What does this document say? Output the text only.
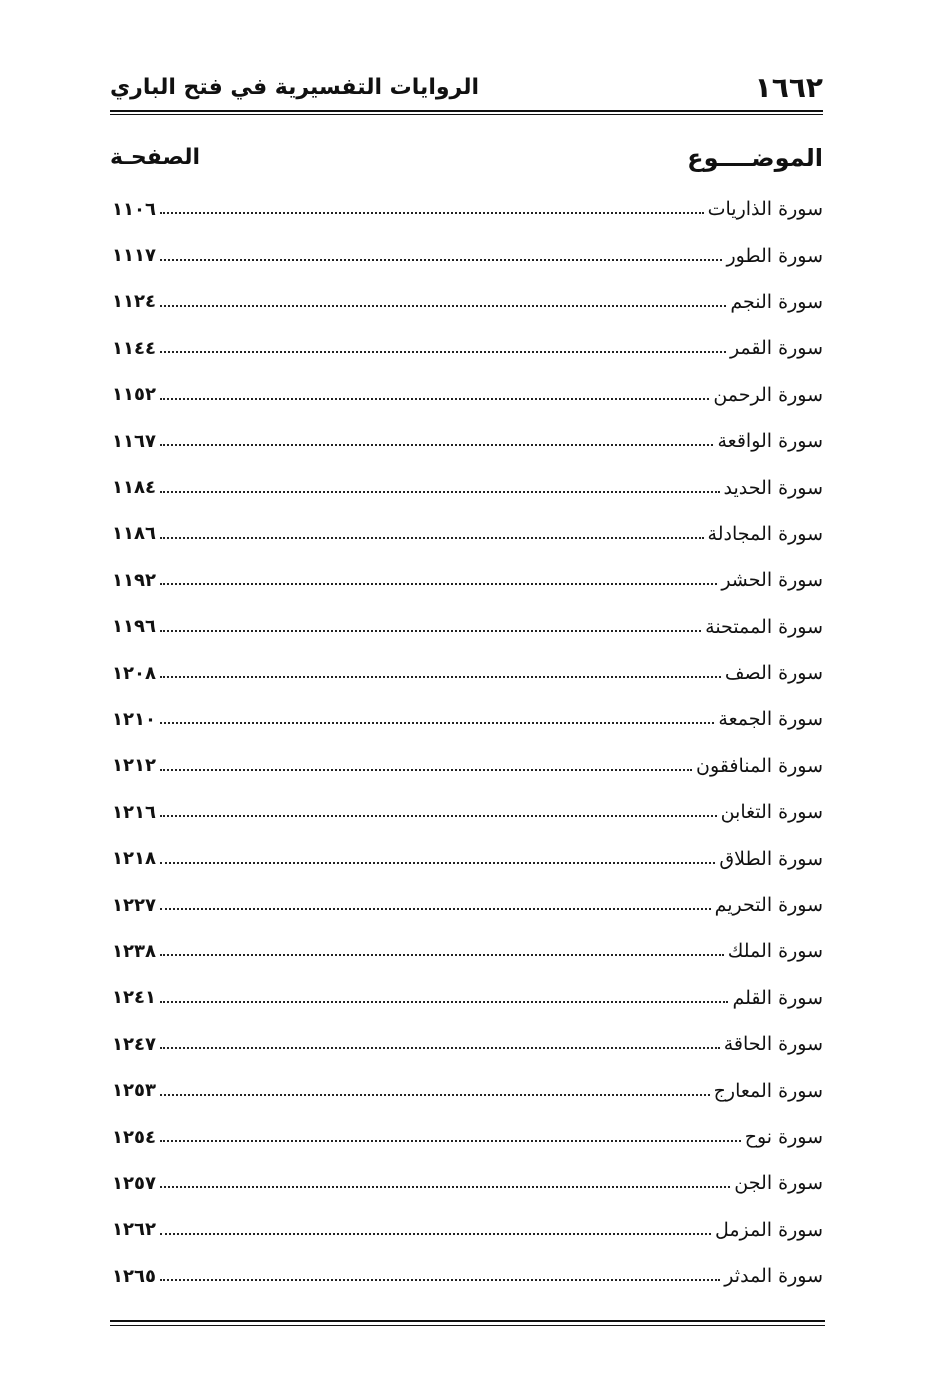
١٦٦٢
الروايات التفسيرية في فتح الباري
الموضــــوع
الصفحـة
سورة الذاريات
١١٠٦
سورة الطور
١١١٧
سورة النجم
١١٢٤
سورة القمر
١١٤٤
سورة الرحمن
١١٥٢
سورة الواقعة
١١٦٧
سورة الحديد
١١٨٤
سورة المجادلة
١١٨٦
سورة الحشر
١١٩٢
سورة الممتحنة
١١٩٦
سورة الصف
١٢٠٨
سورة الجمعة
١٢١٠
سورة المنافقون
١٢١٢
سورة التغابن
١٢١٦
سورة الطلاق
١٢١٨
سورة التحريم
١٢٢٧
سورة الملك
١٢٣٨
سورة القلم
١٢٤١
سورة الحاقة
١٢٤٧
سورة المعارج
١٢٥٣
سورة نوح
١٢٥٤
سورة الجن
١٢٥٧
سورة المزمل
١٢٦٢
سورة المدثر
١٢٦٥
